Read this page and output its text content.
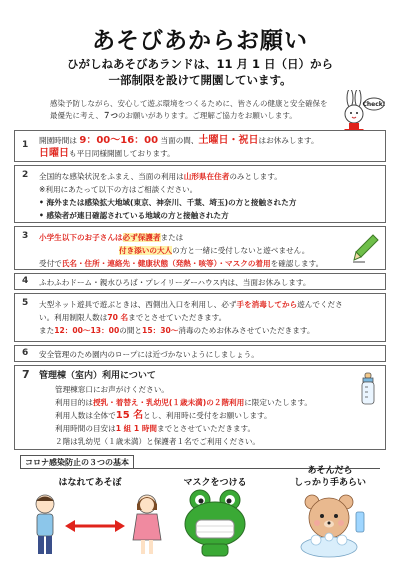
あそびあからお願い
ひがしねあそびあランドは、11 月 1 日（日）から
一部制限を設けて開園しています。
感染予防しながら、安心して遊ぶ環境をつくるために、皆さんの健康と安全確保を
最優先に考え、７つのお願いがあります。ご理解ご協力をお願いします。
Check!
1 開園時間は 9：00～16：00 当面の間、土曜日・祝日はお休みします。
日曜日も平日同様開園しております。
2 全国的な感染状況をふまえ、当面の利用は山形県在住者のみとします。
※利用にあたって以下の方はご相談ください。
• 海外または感染拡大地域(東京、神奈川、千葉、埼玉)の方と接触された方
• 感染者が連日確認されている地域の方と接触された方
3 小学生以下のお子さんは必ず保護者または
付き添いの大人の方と一緒に受付しないと遊べません。
受付で氏名・住所・連絡先・健康状態（発熱・咳等）・マスクの着用を確認します。
4 ふわふわドーム・親水ひろば・プレイリーダーハウス内は、当面お休みします。
5 大型ネット遊具で遊ぶときは、西側出入口を利用し、必ず手を消毒してから遊んでくださ
い。利用制限人数は70 名までとさせていただきます。
また12：00～13：00の間と15：30～消毒のためお休みさせていただきます。
6 安全管理のため園内のロープには近づかないようにしましょう。
7 管理棟（室内）利用について
管理棟窓口にお声がけください。
利用目的は授乳・着替え・乳幼児(１歳未満)の２階利用に限定いたします。
利用人数は全体で15 名とし、利用時に受付をお願いします。
利用時間の目安は1 組 1 時間までとさせていただきます。
２階は乳幼児（１歳未満）と保護者１名でご利用ください。
コロナ感染防止の３つの基本
はなれてあそぼ	マスクをつける
あそんだら
しっかり手あらい
